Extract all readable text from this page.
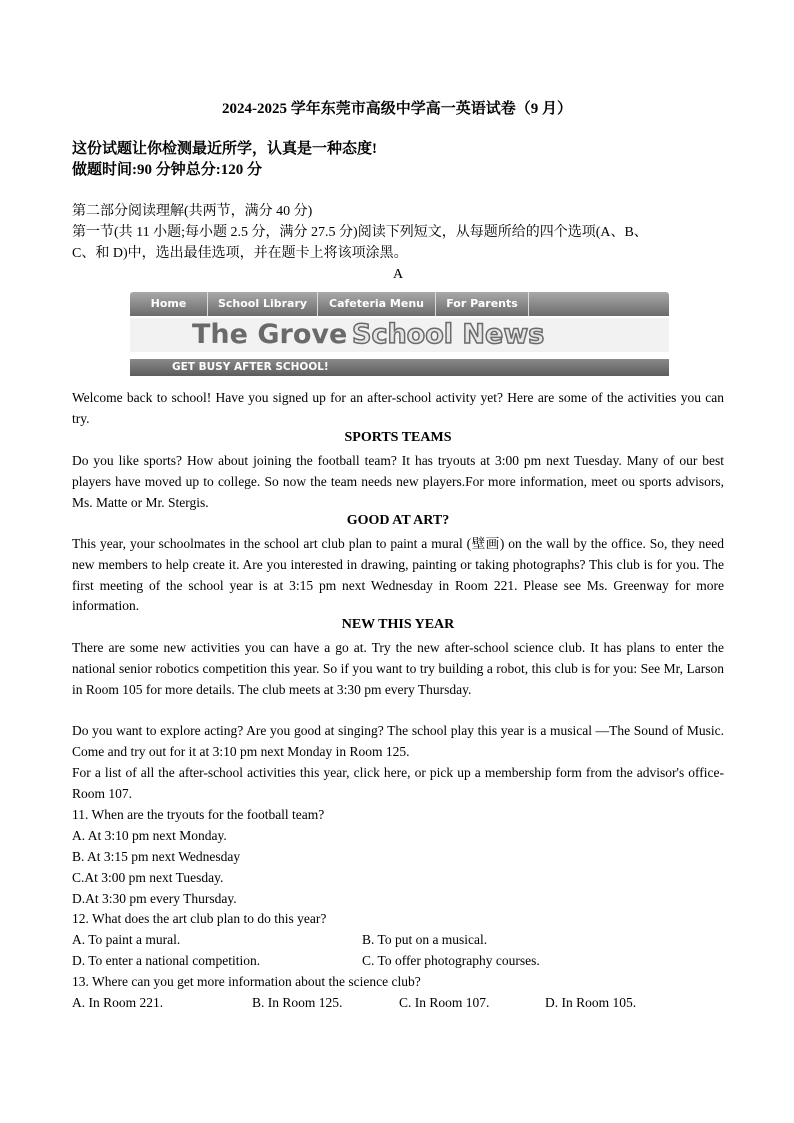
2024-2025 学年东莞市高级中学高一英语试卷（9 月）
这份试题让你检测最近所学，认真是一种态度!
做题时间:90 分钟总分:120 分
第二部分阅读理解(共两节，满分 40 分)
第一节(共 11 小题;每小题 2.5 分，满分 27.5 分)阅读下列短文，从每题所给的四个选项(A、B、
C、和 D)中，选出最佳选项，并在题卡上将该项涂黑。
A
Home	School Library	Cafeteria Menu	For Parents
The Grove School News
GET BUSY AFTER SCHOOL!
Welcome back to school! Have you signed up for an after-school activity yet? Here are some of the activities you can try.
SPORTS TEAMS
Do you like sports? How about joining the football team? It has tryouts at 3:00 pm next Tuesday. Many of our best players have moved up to college. So now the team needs new players.For more information, meet ou sports advisors, Ms. Matte or Mr. Stergis.
GOOD AT ART?
This year, your schoolmates in the school art club plan to paint a mural (壁画) on the wall by the office. So, they need new members to help create it. Are you interested in drawing, painting or taking photographs? This club is for you. The first meeting of the school year is at 3:15 pm next Wednesday in Room 221. Please see Ms. Greenway for more information.
NEW THIS YEAR
There are some new activities you can have a go at. Try the new after-school science club. It has plans to enter the national senior robotics competition this year. So if you want to try building a robot, this club is for you: See Mr, Larson in Room 105 for more details. The club meets at 3:30 pm every Thursday.
Do you want to explore acting? Are you good at singing? The school play this year is a musical —The Sound of Music. Come and try out for it at 3:10 pm next Monday in Room 125.
For a list of all the after-school activities this year, click here, or pick up a membership form from the advisor's office-Room 107.
11. When are the tryouts for the football team?
A. At 3:10 pm next Monday.
B. At 3:15 pm next Wednesday
C.At 3:00 pm next Tuesday.
D.At 3:30 pm every Thursday.
12. What does the art club plan to do this year?
A. To paint a mural.	B. To put on a musical.
D. To enter a national competition.	C. To offer photography courses.
13. Where can you get more information about the science club?
A. In Room 221.	B. In Room 125.	C. In Room 107.	D. In Room 105.
